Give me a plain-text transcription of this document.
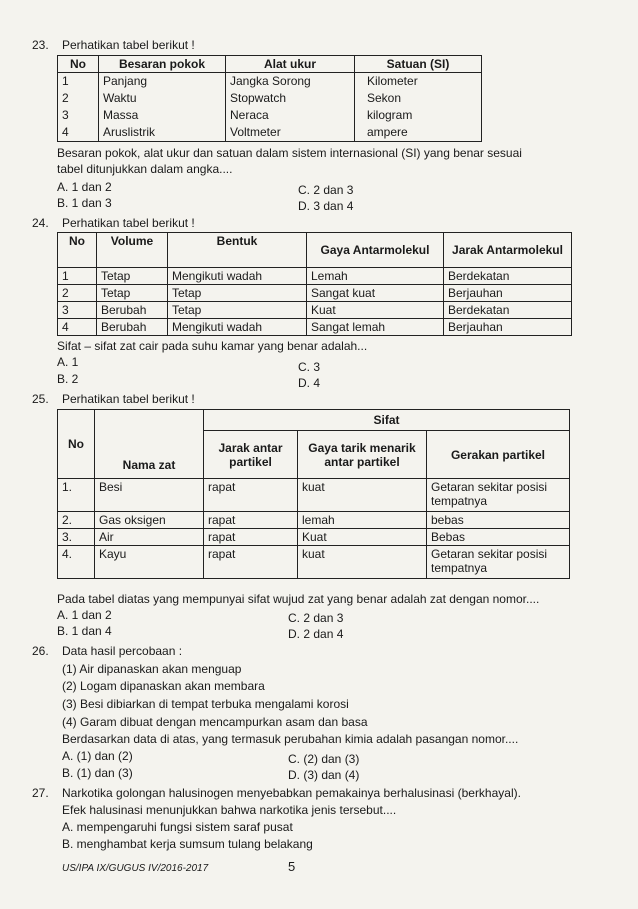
23. Perhatikan tabel berikut !
No	Besaran pokok	Alat ukur	Satuan (SI)
1	Panjang	Jangka Sorong	Kilometer
2	Waktu	Stopwatch	Sekon
3	Massa	Neraca	kilogram
4	Aruslistrik	Voltmeter	ampere
Besaran pokok, alat ukur dan satuan dalam sistem internasional (SI) yang benar sesuai
tabel ditunjukkan dalam angka....
A. 1 dan 2
B. 1 dan 3
C. 2 dan 3
D. 3 dan 4
24. Perhatikan tabel berikut !
No	Volume	Bentuk	Gaya Antarmolekul	Jarak Antarmolekul
1	Tetap	Mengikuti wadah	Lemah	Berdekatan
2	Tetap	Tetap	Sangat kuat	Berjauhan
3	Berubah	Tetap	Kuat	Berdekatan
4	Berubah	Mengikuti wadah	Sangat lemah	Berjauhan
Sifat – sifat zat cair pada suhu kamar yang benar adalah...
A. 1
B. 2
C. 3
D. 4
25. Perhatikan tabel berikut !
No	Nama zat	Sifat		
		Jarak antar partikel	Gaya tarik menarik antar partikel	Gerakan partikel
1.	Besi	rapat	kuat	Getaran sekitar posisi tempatnya
2.	Gas oksigen	rapat	lemah	bebas
3.	Air	rapat	Kuat	Bebas
4.	Kayu	rapat	kuat	Getaran sekitar posisi tempatnya
Pada tabel diatas yang mempunyai sifat wujud zat yang benar adalah zat dengan nomor....
A. 1 dan 2
B. 1 dan 4
C. 2 dan 3
D. 2 dan 4
26. Data hasil percobaan :
(1) Air dipanaskan akan menguap
(2) Logam dipanaskan akan membara
(3) Besi dibiarkan di tempat terbuka mengalami korosi
(4) Garam dibuat dengan mencampurkan asam dan basa
Berdasarkan data di atas, yang termasuk perubahan kimia adalah pasangan nomor....
A. (1) dan (2)
B. (1) dan (3)
C. (2) dan (3)
D. (3) dan (4)
27. Narkotika golongan halusinogen menyebabkan pemakainya berhalusinasi (berkhayal).
Efek halusinasi menunjukkan bahwa narkotika jenis tersebut....
A. mempengaruhi fungsi sistem saraf pusat
B. menghambat kerja sumsum tulang belakang
US/IPA IX/GUGUS IV/2016-2017	5
